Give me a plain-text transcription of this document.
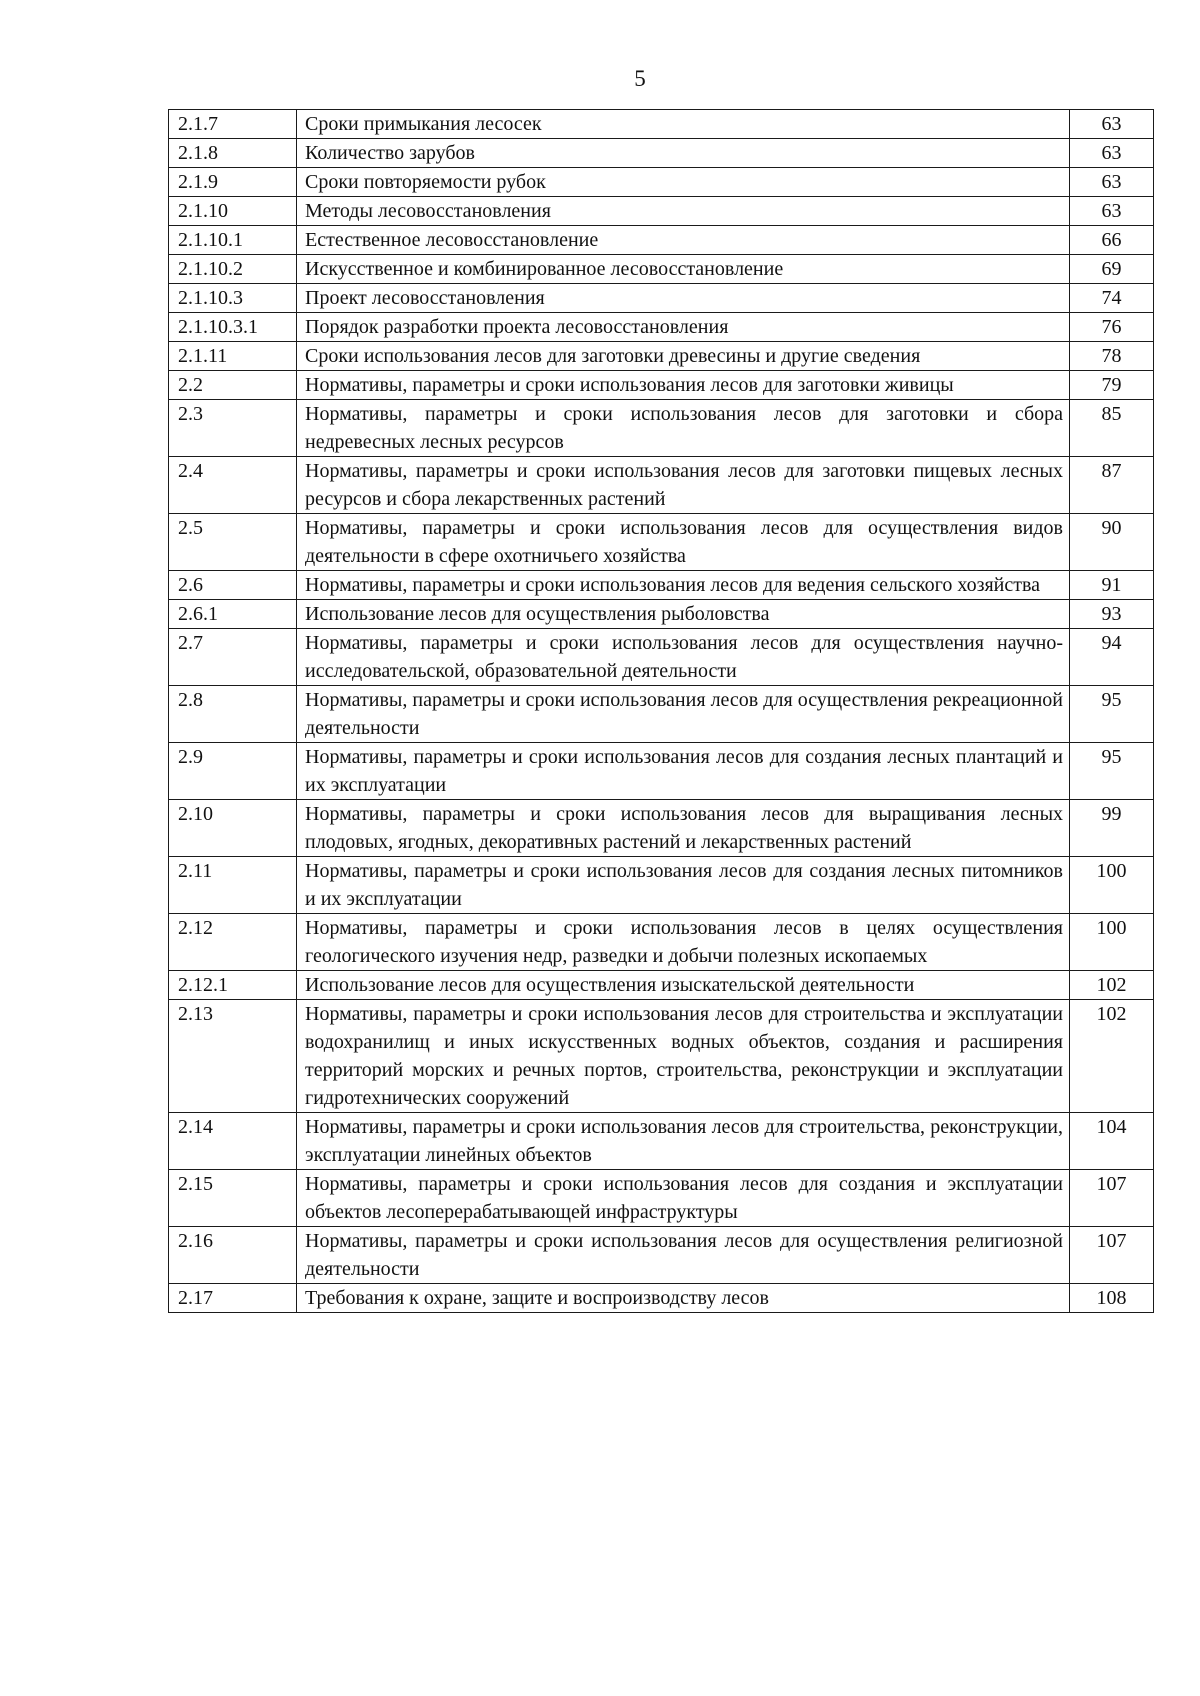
5
2.1.7	Сроки примыкания лесосек	63
2.1.8	Количество зарубов	63
2.1.9	Сроки повторяемости рубок	63
2.1.10	Методы лесовосстановления	63
2.1.10.1	Естественное лесовосстановление	66
2.1.10.2	Искусственное и комбинированное лесовосстановление	69
2.1.10.3	Проект лесовосстановления	74
2.1.10.3.1	Порядок разработки проекта лесовосстановления	76
2.1.11	Сроки использования лесов для заготовки древесины и другие сведения	78
2.2	Нормативы, параметры и сроки использования лесов для заготовки живицы	79
2.3	Нормативы, параметры и сроки использования лесов для заготовки и сбора недревесных лесных ресурсов	85
2.4	Нормативы, параметры и сроки использования лесов для заготовки пищевых лесных ресурсов и сбора лекарственных растений	87
2.5	Нормативы, параметры и сроки использования лесов для осуществления видов деятельности в сфере охотничьего хозяйства	90
2.6	Нормативы, параметры и сроки использования лесов для ведения сельского хозяйства	91
2.6.1	Использование лесов для осуществления рыболовства	93
2.7	Нормативы, параметры и сроки использования лесов для осуществления научно-исследовательской, образовательной деятельности	94
2.8	Нормативы, параметры и сроки использования лесов для осуществления рекреационной деятельности	95
2.9	Нормативы, параметры и сроки использования лесов для создания лесных плантаций и их эксплуатации	95
2.10	Нормативы, параметры и сроки использования лесов для выращивания лесных плодовых, ягодных, декоративных растений и лекарственных растений	99
2.11	Нормативы, параметры и сроки использования лесов для создания лесных питомников и их эксплуатации	100
2.12	Нормативы, параметры и сроки использования лесов в целях осуществления геологического изучения недр, разведки и добычи полезных ископаемых	100
2.12.1	Использование лесов для осуществления изыскательской деятельности	102
2.13	Нормативы, параметры и сроки использования лесов для строительства и эксплуатации водохранилищ и иных искусственных водных объектов, создания и расширения территорий морских и речных портов, строительства, реконструкции и эксплуатации гидротехнических сооружений	102
2.14	Нормативы, параметры и сроки использования лесов для строительства, реконструкции, эксплуатации линейных объектов	104
2.15	Нормативы, параметры и сроки использования лесов для создания и эксплуатации объектов лесоперерабатывающей инфраструктуры	107
2.16	Нормативы, параметры и сроки использования лесов для осуществления религиозной деятельности	107
2.17	Требования к охране, защите и воспроизводству лесов	108
